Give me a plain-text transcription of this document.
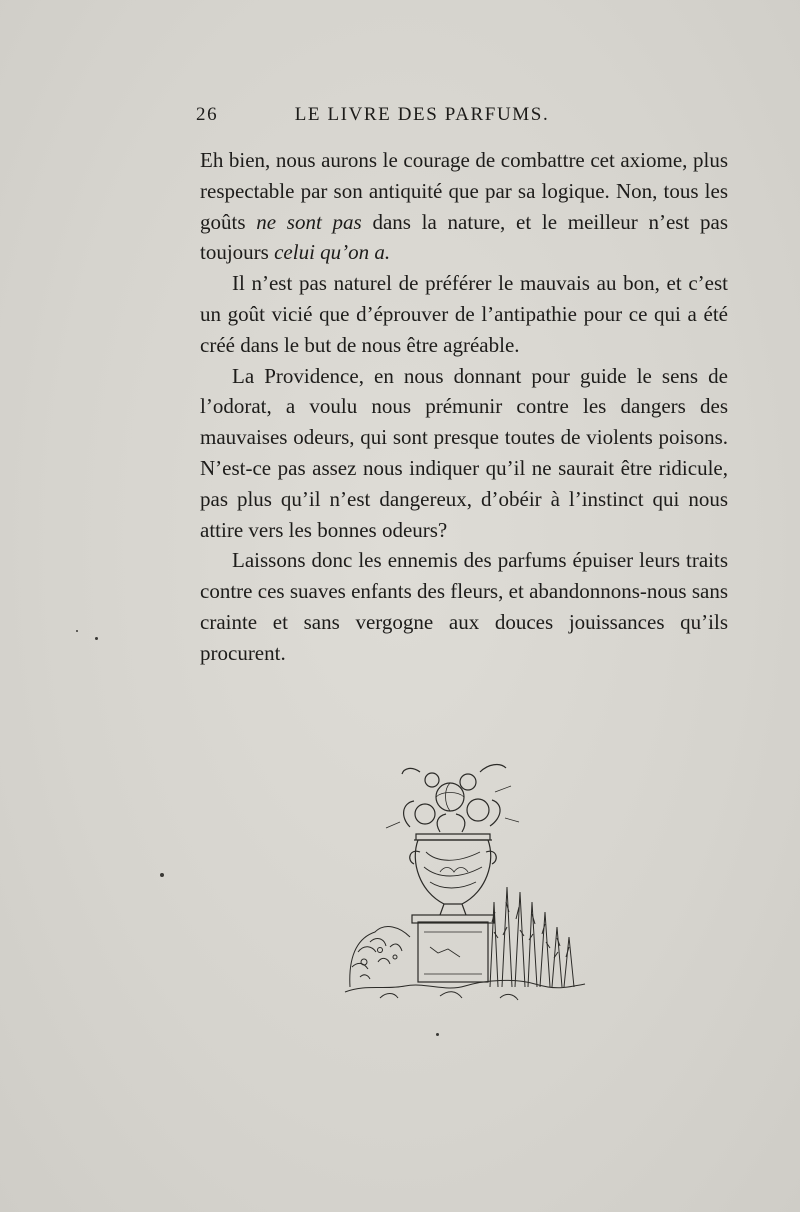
26	LE LIVRE DES PARFUMS.

Eh bien, nous aurons le courage de combattre cet axiome, plus respectable par son antiquité que par sa logique. Non, tous les goûts ne sont pas dans la nature, et le meilleur n’est pas toujours celui qu’on a.

Il n’est pas naturel de préférer le mauvais au bon, et c’est un goût vicié que d’éprouver de l’antipathie pour ce qui a été créé dans le but de nous être agréable.

La Providence, en nous donnant pour guide le sens de l’odorat, a voulu nous prémunir contre les dangers des mauvaises odeurs, qui sont presque toutes de violents poisons. N’est-ce pas assez nous indiquer qu’il ne saurait être ridicule, pas plus qu’il n’est dangereux, d’obéir à l’instinct qui nous attire vers les bonnes odeurs?

Laissons donc les ennemis des parfums épuiser leurs traits contre ces suaves enfants des fleurs, et abandonnons-nous sans crainte et sans vergogne aux douces jouissances qu’ils procurent.
